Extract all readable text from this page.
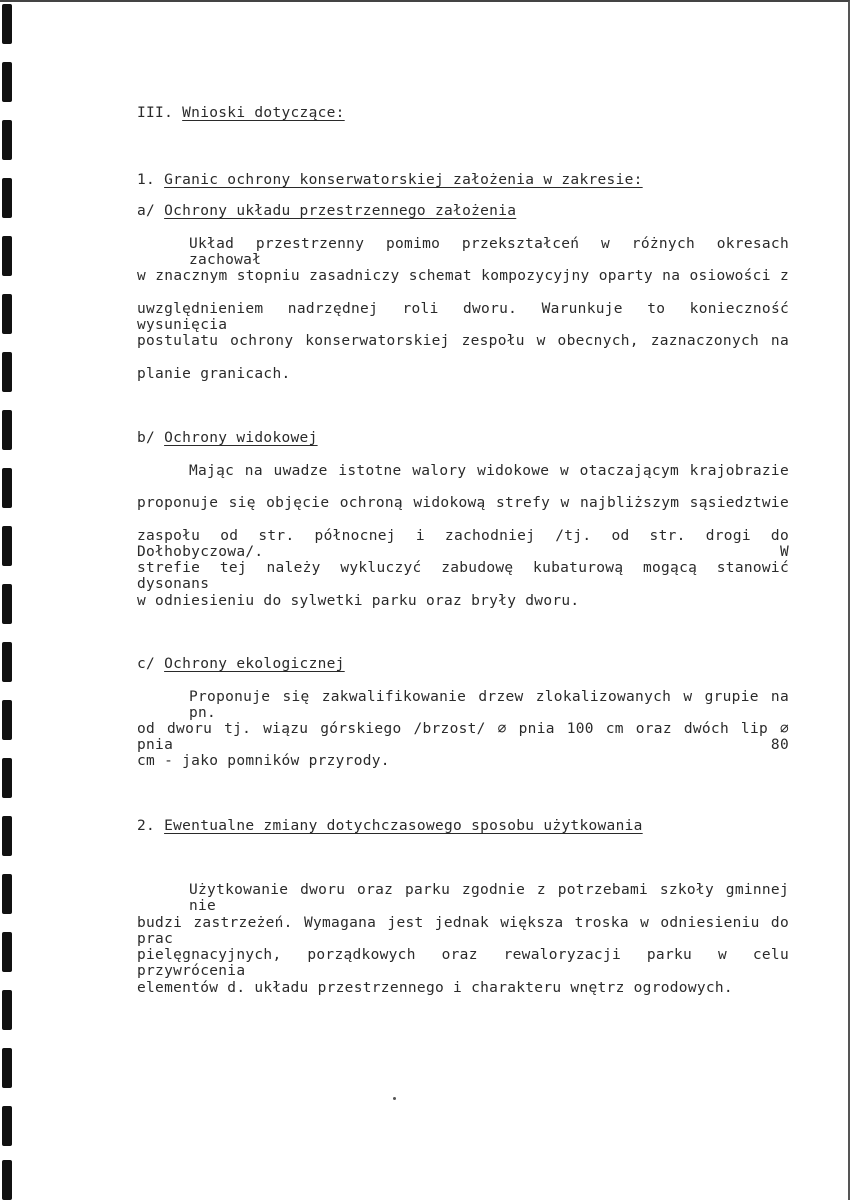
III. Wnioski dotyczące:
1. Granic ochrony konserwatorskiej założenia w zakresie:
a/ Ochrony układu przestrzennego założenia
Układ przestrzenny pomimo przekształceń w różnych okresach zachował
w znacznym stopniu zasadniczy schemat kompozycyjny oparty na osiowości z
uwzględnieniem nadrzędnej roli dworu. Warunkuje to konieczność wysunięcia
postulatu ochrony konserwatorskiej zespołu w obecnych, zaznaczonych na
planie granicach.
b/ Ochrony widokowej
Mając na uwadze istotne walory widokowe w otaczającym krajobrazie
proponuje się objęcie ochroną widokową strefy w najbliższym sąsiedztwie
zaspołu od str. północnej i zachodniej /tj. od str. drogi do Dołhobyczowa/. W
strefie tej należy wykluczyć zabudowę kubaturową mogącą stanowić dysonans
w odniesieniu do sylwetki parku oraz bryły dworu.
c/ Ochrony ekologicznej
Proponuje się zakwalifikowanie drzew zlokalizowanych w grupie na pn.
od dworu tj. wiązu górskiego /brzost/ ⌀ pnia 100 cm oraz dwóch lip ⌀ pnia 80
cm - jako pomników przyrody.
2. Ewentualne zmiany dotychczasowego sposobu użytkowania
Użytkowanie dworu oraz parku zgodnie z potrzebami szkoły gminnej nie
budzi zastrzeżeń. Wymagana jest jednak większa troska w odniesieniu do prac
pielęgnacyjnych, porządkowych oraz rewaloryzacji parku w celu przywrócenia
elementów d. układu przestrzennego i charakteru wnętrz ogrodowych.
